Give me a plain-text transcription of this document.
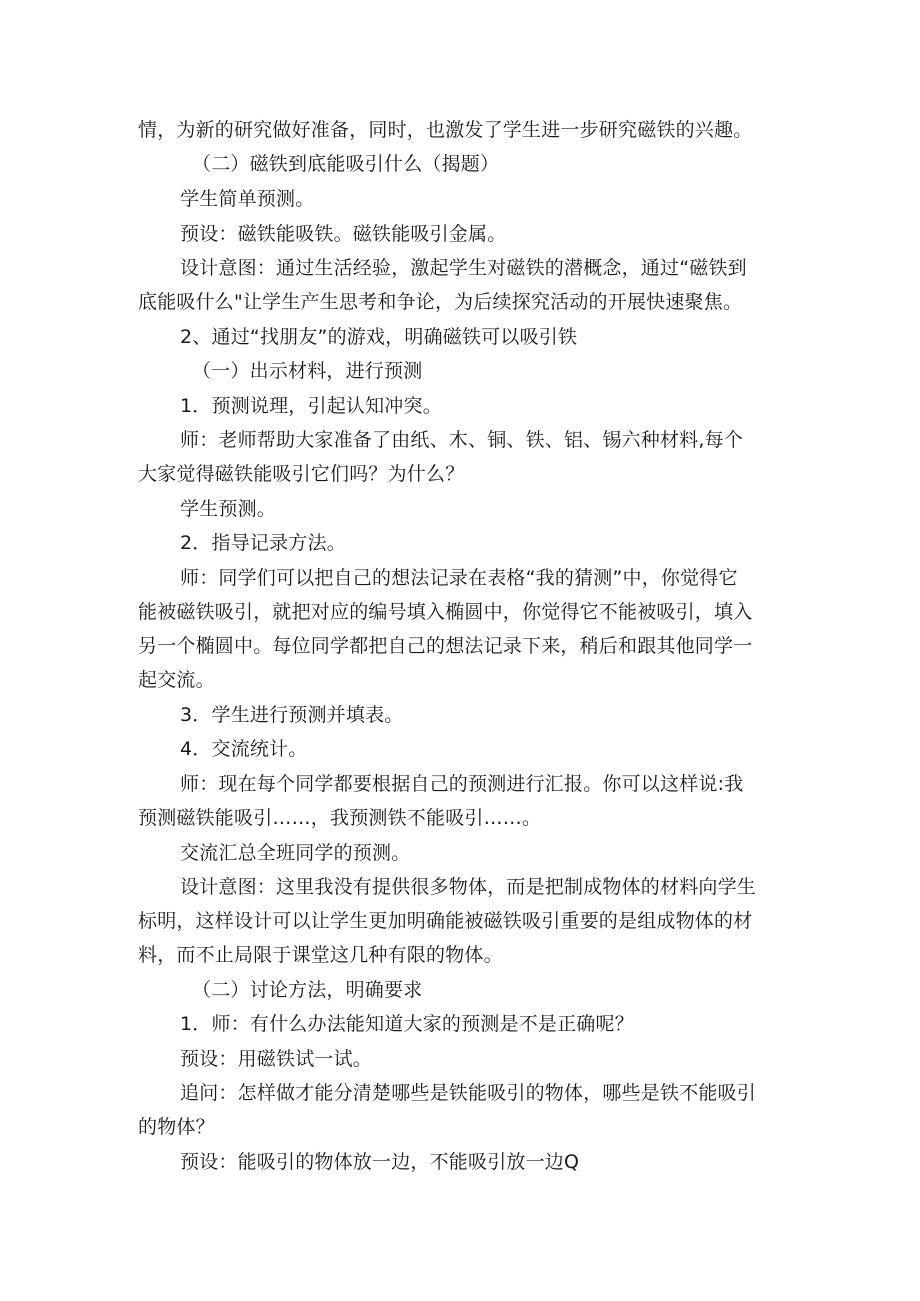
情，为新的研究做好准备，同时，也激发了学生进一步研究磁铁的兴趣。
（二）磁铁到底能吸引什么（揭题）
学生简单预测。
预设：磁铁能吸铁。磁铁能吸引金属。
设计意图：通过生活经验，激起学生对磁铁的潜概念，通过“磁铁到
底能吸什么"让学生产生思考和争论，为后续探究活动的开展快速聚焦。
2、通过“找朋友”的游戏，明确磁铁可以吸引铁
（一）出示材料，进行预测
1．预测说理，引起认知冲突。
师：老师帮助大家准备了由纸、木、铜、铁、铝、锡六种材料,每个
大家觉得磁铁能吸引它们吗？为什么？
学生预测。
2．指导记录方法。
师：同学们可以把自己的想法记录在表格“我的猜测”中，你觉得它
能被磁铁吸引，就把对应的编号填入椭圆中，你觉得它不能被吸引，填入
另一个椭圆中。每位同学都把自己的想法记录下来，稍后和跟其他同学一
起交流。
3．学生进行预测并填表。
4．交流统计。
师：现在每个同学都要根据自己的预测进行汇报。你可以这样说:我
预测磁铁能吸引……，我预测铁不能吸引……。
交流汇总全班同学的预测。
设计意图：这里我没有提供很多物体，而是把制成物体的材料向学生
标明，这样设计可以让学生更加明确能被磁铁吸引重要的是组成物体的材
料，而不止局限于课堂这几种有限的物体。
（二）讨论方法，明确要求
1．师：有什么办法能知道大家的预测是不是正确呢？
预设：用磁铁试一试。
追问：怎样做才能分清楚哪些是铁能吸引的物体，哪些是铁不能吸引
的物体？
预设：能吸引的物体放一边，不能吸引放一边Q
